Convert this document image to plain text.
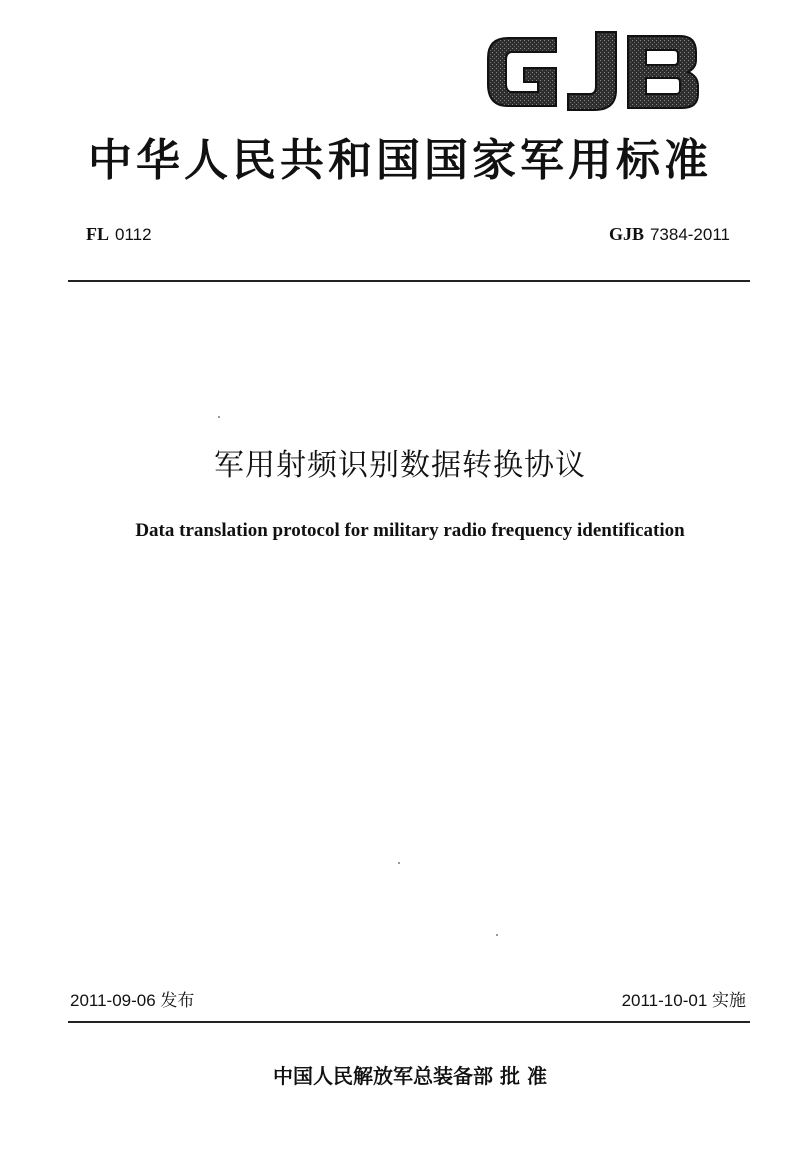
GJB
中华人民共和国国家军用标准
FL 0112	GJB 7384-2011
军用射频识别数据转换协议
Data translation protocol for military radio frequency identification
2011-09-06 发布	2011-10-01 实施
中国人民解放军总装备部 批 准
